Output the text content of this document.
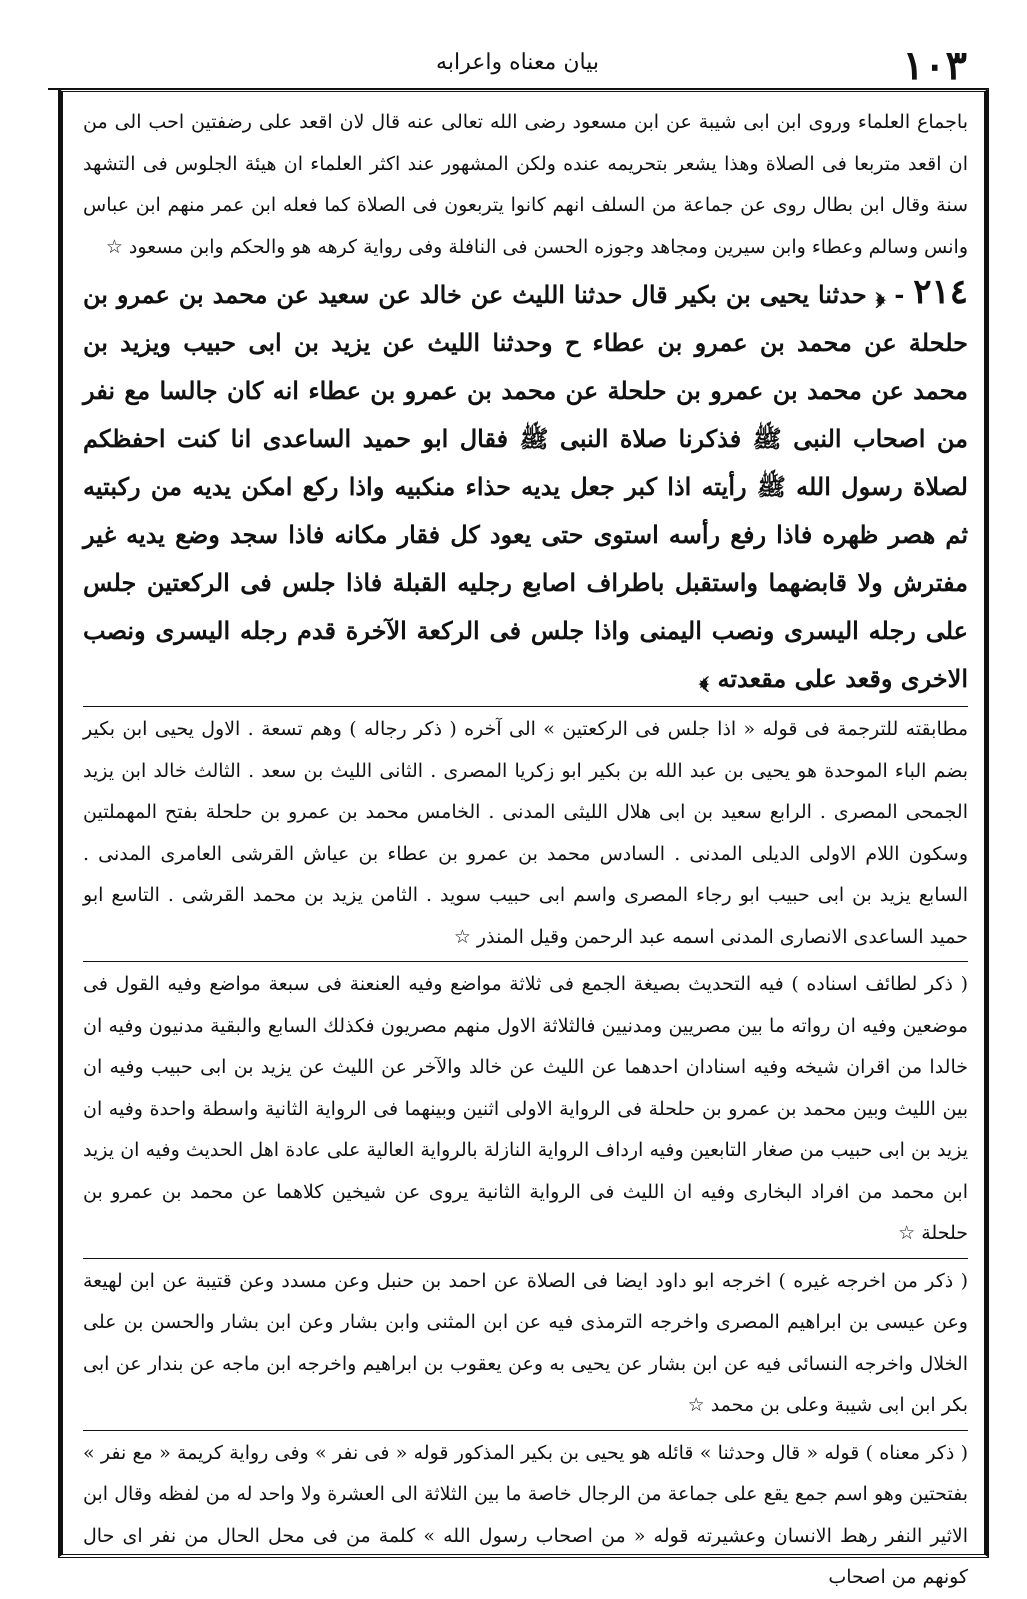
١٠٣
بيان معناه واعرابه

باجماع العلماء وروى ابن ابى شيبة عن ابن مسعود رضى الله تعالى عنه قال لان اقعد على رضفتين احب الى من ان اقعد متربعا فى الصلاة وهذا يشعر بتحريمه عنده ولكن المشهور عند اكثر العلماء ان هيئة الجلوس فى التشهد سنة وقال ابن بطال روى عن جماعة من السلف انهم كانوا يتربعون فى الصلاة كما فعله ابن عمر منهم ابن عباس وانس وسالم وعطاء وابن سيرين ومجاهد وجوزه الحسن فى النافلة وفى رواية كرهه هو والحكم وابن مسعود ☆

٢١٤ - ﴿ حدثنا يحيى بن بكير قال حدثنا الليث عن خالد عن سعيد عن محمد بن عمرو بن حلحلة عن محمد بن عمرو بن عطاء ح وحدثنا الليث عن يزيد بن ابى حبيب ويزيد بن محمد عن محمد بن عمرو بن حلحلة عن محمد بن عمرو بن عطاء انه كان جالسا مع نفر من اصحاب النبى ﷺ فذكرنا صلاة النبى ﷺ فقال ابو حميد الساعدى انا كنت احفظكم لصلاة رسول الله ﷺ رأيته اذا كبر جعل يديه حذاء منكبيه واذا ركع امكن يديه من ركبتيه ثم هصر ظهره فاذا رفع رأسه استوى حتى يعود كل فقار مكانه فاذا سجد وضع يديه غير مفترش ولا قابضهما واستقبل باطراف اصابع رجليه القبلة فاذا جلس فى الركعتين جلس على رجله اليسرى ونصب اليمنى واذا جلس فى الركعة الآخرة قدم رجله اليسرى ونصب الاخرى وقعد على مقعدته ﴾

مطابقته للترجمة فى قوله « اذا جلس فى الركعتين » الى آخره ( ذكر رجاله ) وهم تسعة . الاول يحيى ابن بكير بضم الباء الموحدة هو يحيى بن عبد الله بن بكير ابو زكريا المصرى . الثانى الليث بن سعد . الثالث خالد ابن يزيد الجمحى المصرى . الرابع سعيد بن ابى هلال الليثى المدنى . الخامس محمد بن عمرو بن حلحلة بفتح المهملتين وسكون اللام الاولى الديلى المدنى . السادس محمد بن عمرو بن عطاء بن عياش القرشى العامرى المدنى . السابع يزيد بن ابى حبيب ابو رجاء المصرى واسم ابى حبيب سويد . الثامن يزيد بن محمد القرشى . التاسع ابو حميد الساعدى الانصارى المدنى اسمه عبد الرحمن وقيل المنذر ☆

( ذكر لطائف اسناده ) فيه التحديث بصيغة الجمع فى ثلاثة مواضع وفيه العنعنة فى سبعة مواضع وفيه القول فى موضعين وفيه ان رواته ما بين مصريين ومدنيين فالثلاثة الاول منهم مصريون فكذلك السابع والبقية مدنيون وفيه ان خالدا من اقران شيخه وفيه اسنادان احدهما عن الليث عن خالد والآخر عن الليث عن يزيد بن ابى حبيب وفيه ان بين الليث وبين محمد بن عمرو بن حلحلة فى الرواية الاولى اثنين وبينهما فى الرواية الثانية واسطة واحدة وفيه ان يزيد بن ابى حبيب من صغار التابعين وفيه ارداف الرواية النازلة بالرواية العالية على عادة اهل الحديث وفيه ان يزيد ابن محمد من افراد البخارى وفيه ان الليث فى الرواية الثانية يروى عن شيخين كلاهما عن محمد بن عمرو بن حلحلة ☆

( ذكر من اخرجه غيره ) اخرجه ابو داود ايضا فى الصلاة عن احمد بن حنبل وعن مسدد وعن قتيبة عن ابن لهيعة وعن عيسى بن ابراهيم المصرى واخرجه الترمذى فيه عن ابن المثنى وابن بشار وعن ابن بشار والحسن بن على الخلال واخرجه النسائى فيه عن ابن بشار عن يحيى به وعن يعقوب بن ابراهيم واخرجه ابن ماجه عن بندار عن ابى بكر ابن ابى شيبة وعلى بن محمد ☆

( ذكر معناه ) قوله « قال وحدثنا » قائله هو يحيى بن بكير المذكور قوله « فى نفر » وفى رواية كريمة « مع نفر » بفتحتين وهو اسم جمع يقع على جماعة من الرجال خاصة ما بين الثلاثة الى العشرة ولا واحد له من لفظه وقال ابن الاثير النفر رهط الانسان وعشيرته قوله « من اصحاب رسول الله » كلمة من فى محل الحال من نفر اى حال كونهم من اصحاب
